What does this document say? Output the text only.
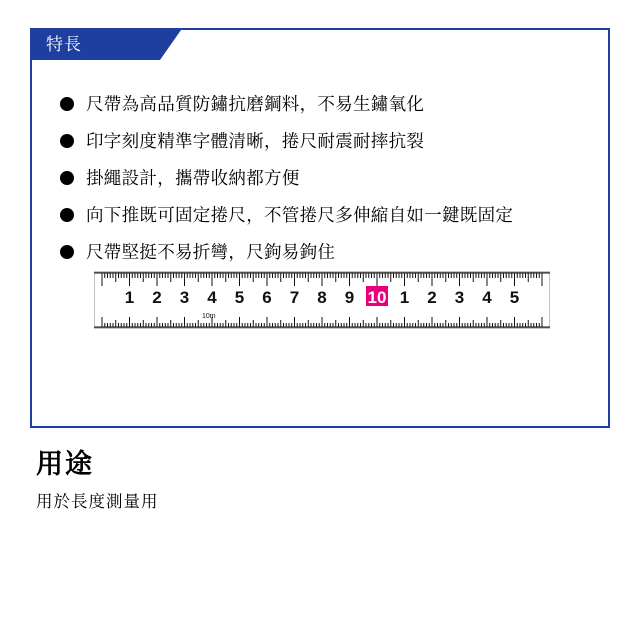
特長
尺帶為高品質防鏽抗磨鋼料，不易生鏽氧化
印字刻度精準字體清晰，捲尺耐震耐摔抗裂
掛繩設計，攜帶收納都方便
向下推既可固定捲尺，不管捲尺多伸縮自如一鍵既固定
尺帶堅挺不易折彎，尺鉤易鉤住
1 2 3 4 5 6 7 8 9 10 1 2 3 4 5
10m
用途
用於長度測量用
